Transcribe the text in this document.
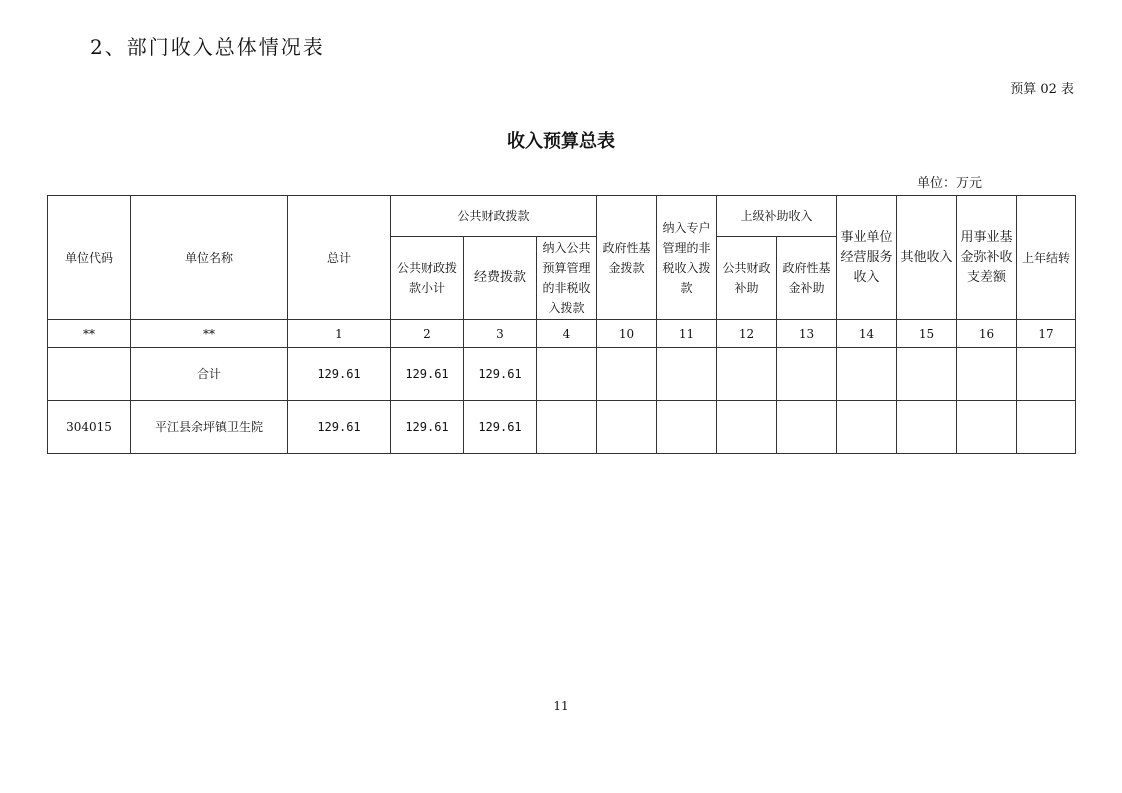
2、部门收入总体情况表
预算 02 表
收入预算总表
单位：万元
单位代码	单位名称	总计	公共财政拨款			政府性基金拨款	纳入专户管理的非税收入拨款	上级补助收入		事业单位经营服务收入	其他收入	用事业基金弥补收支差额	上年结转
			公共财政拨款小计	经费拨款	纳入公共预算管理的非税收入拨款								
								公共财政补助	政府性基金补助				
**	**	1	2	3	4	10	11	12	13	14	15	16	17
	合计	129.61	129.61	129.61									
304015	平江县余坪镇卫生院	129.61	129.61	129.61									
11
